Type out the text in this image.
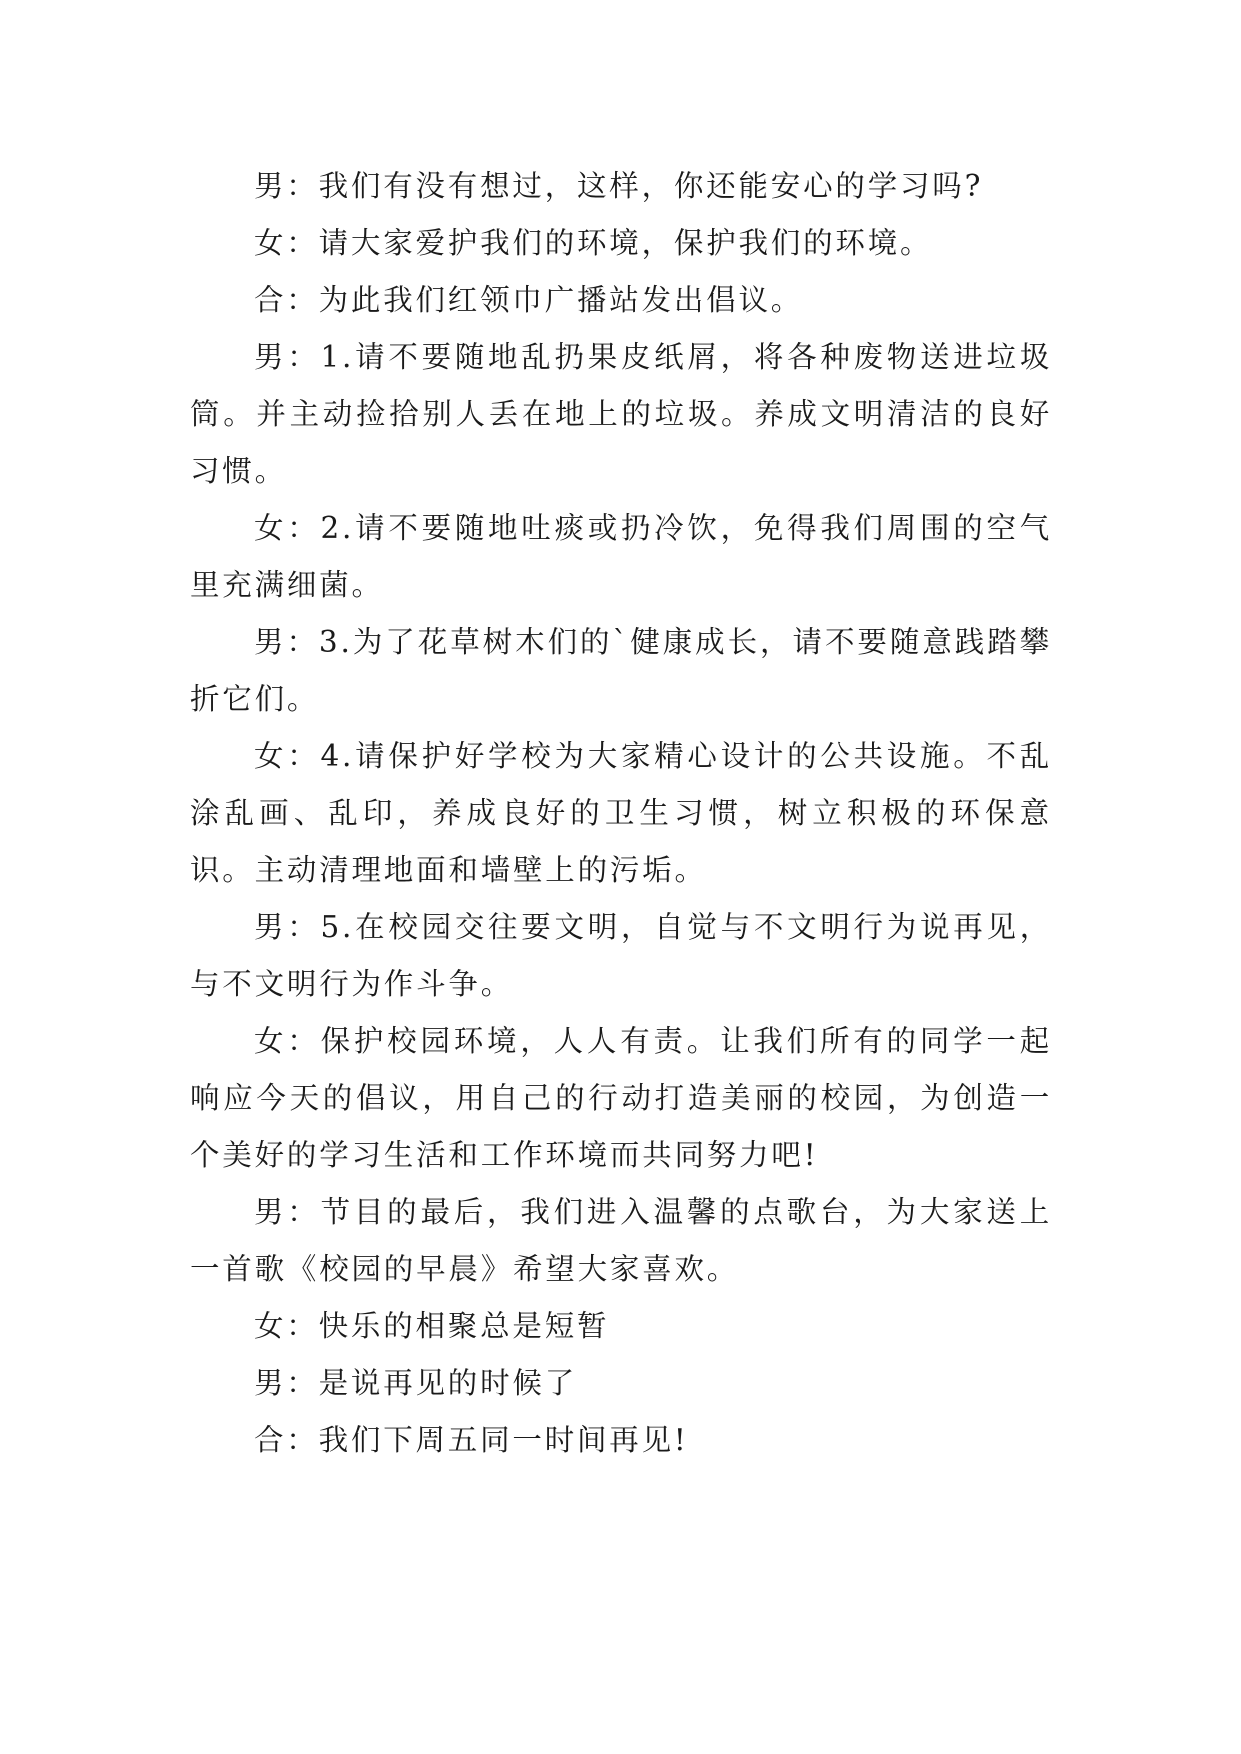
男：我们有没有想过，这样，你还能安心的学习吗?

女：请大家爱护我们的环境，保护我们的环境。

合：为此我们红领巾广播站发出倡议。

男：1.请不要随地乱扔果皮纸屑，将各种废物送进垃圾筒。并主动捡拾别人丢在地上的垃圾。养成文明清洁的良好习惯。

女：2.请不要随地吐痰或扔冷饮，免得我们周围的空气里充满细菌。

男：3.为了花草树木们的`健康成长，请不要随意践踏攀折它们。

女：4.请保护好学校为大家精心设计的公共设施。不乱涂乱画、乱印，养成良好的卫生习惯，树立积极的环保意识。主动清理地面和墙壁上的污垢。

男：5.在校园交往要文明，自觉与不文明行为说再见，与不文明行为作斗争。

女：保护校园环境，人人有责。让我们所有的同学一起响应今天的倡议，用自己的行动打造美丽的校园，为创造一个美好的学习生活和工作环境而共同努力吧!

男：节目的最后，我们进入温馨的点歌台，为大家送上一首歌《校园的早晨》希望大家喜欢。

女：快乐的相聚总是短暂

男：是说再见的时候了

合：我们下周五同一时间再见!
